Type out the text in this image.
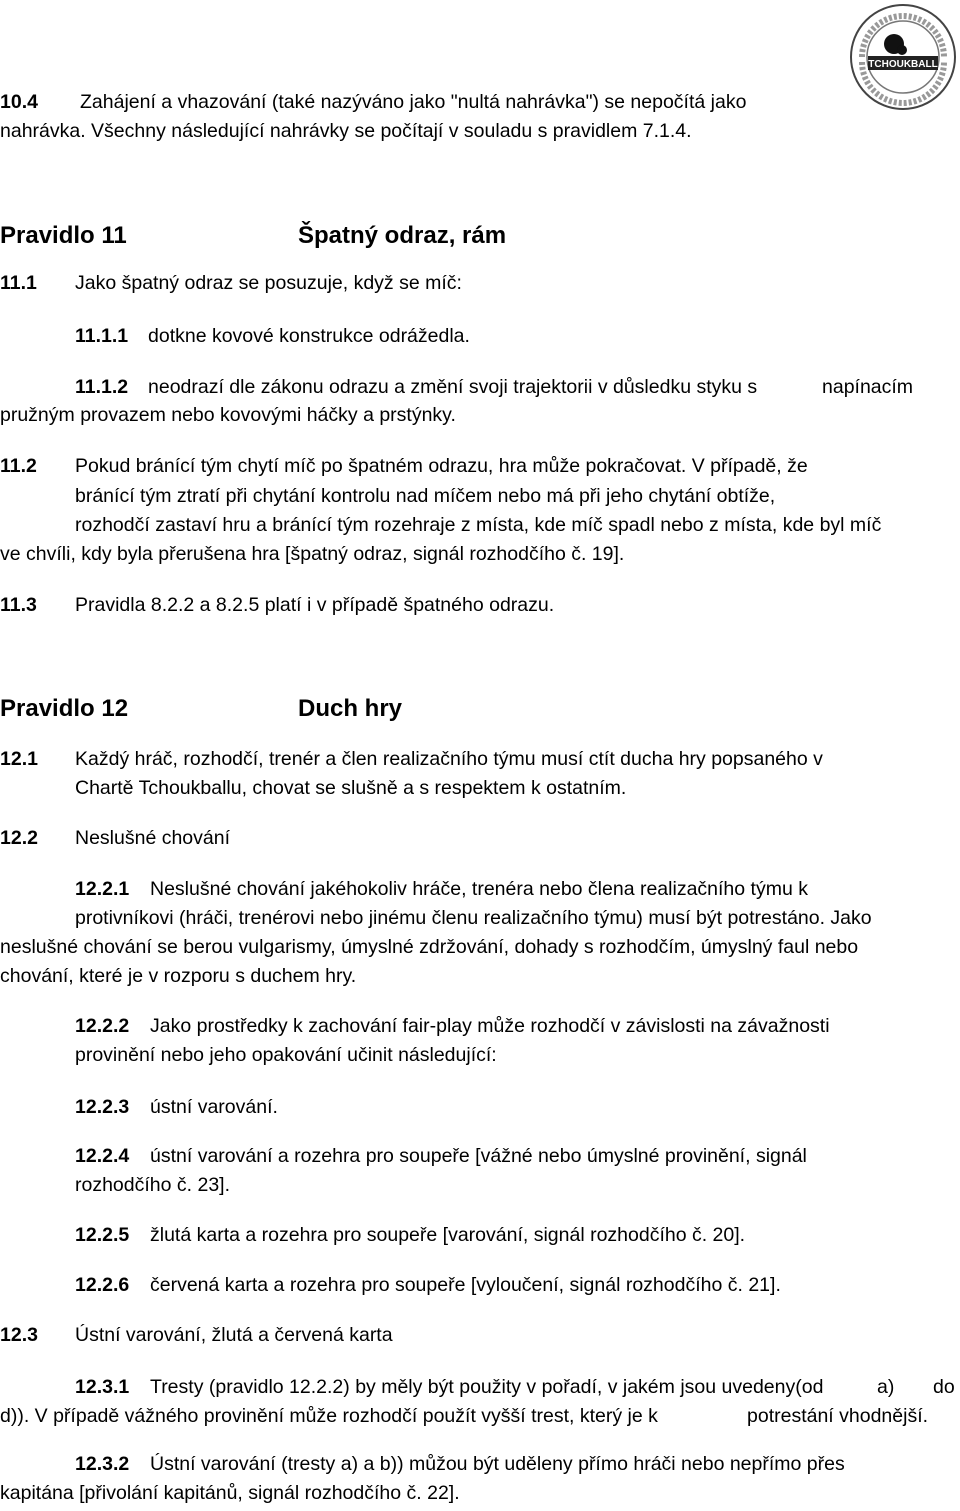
TCHOUKBALL
10.4 Zahájení a vhazování (také nazýváno jako "nultá nahrávka") se nepočítá jako
nahrávka. Všechny následující nahrávky se počítají v souladu s pravidlem 7.1.4.
Pravidlo 11	Špatný odraz, rám
11.1 Jako špatný odraz se posuzuje, když se míč:
11.1.1 dotkne kovové konstrukce odrážedla.
11.1.2 neodrazí dle zákonu odrazu a změní svoji trajektorii v důsledku styku s	napínacím
pružným provazem nebo kovovými háčky a prstýnky.
11.2 Pokud bránící tým chytí míč po špatném odrazu, hra může pokračovat. V případě, že
bránící tým ztratí při chytání kontrolu nad míčem nebo má při jeho chytání obtíže,
rozhodčí zastaví hru a bránící tým rozehraje z místa, kde míč spadl nebo z místa, kde byl míč
ve chvíli, kdy byla přerušena hra [špatný odraz, signál rozhodčího č. 19].
11.3 Pravidla 8.2.2 a 8.2.5 platí i v případě špatného odrazu.
Pravidlo 12	Duch hry
12.1 Každý hráč, rozhodčí, trenér a člen realizačního týmu musí ctít ducha hry popsaného v
Chartě Tchoukballu, chovat se slušně a s respektem k ostatním.
12.2 Neslušné chování
12.2.1 Neslušné chování jakéhokoliv hráče, trenéra nebo člena realizačního týmu k
protivníkovi (hráči, trenérovi nebo jinému členu realizačního týmu) musí být potrestáno. Jako
neslušné chování se berou vulgarismy, úmyslné zdržování, dohady s rozhodčím, úmyslný faul nebo
chování, které je v rozporu s duchem hry.
12.2.2 Jako prostředky k zachování fair-play může rozhodčí v závislosti na závažnosti
provinění nebo jeho opakování učinit následující:
12.2.3 ústní varování.
12.2.4 ústní varování a rozehra pro soupeře [vážné nebo úmyslné provinění, signál
rozhodčího č. 23].
12.2.5 žlutá karta a rozehra pro soupeře [varování, signál rozhodčího č. 20].
12.2.6 červená karta a rozehra pro soupeře [vyloučení, signál rozhodčího č. 21].
12.3 Ústní varování, žlutá a červená karta
12.3.1 Tresty (pravidlo 12.2.2) by měly být použity v pořadí, v jakém jsou uvedeny(od	a) do
d)). V případě vážného provinění může rozhodčí použít vyšší trest, který je k	potrestání vhodnější.
12.3.2 Ústní varování (tresty a) a b)) můžou být uděleny přímo hráči nebo nepřímo přes
kapitána [přivolání kapitánů, signál rozhodčího č. 22].
